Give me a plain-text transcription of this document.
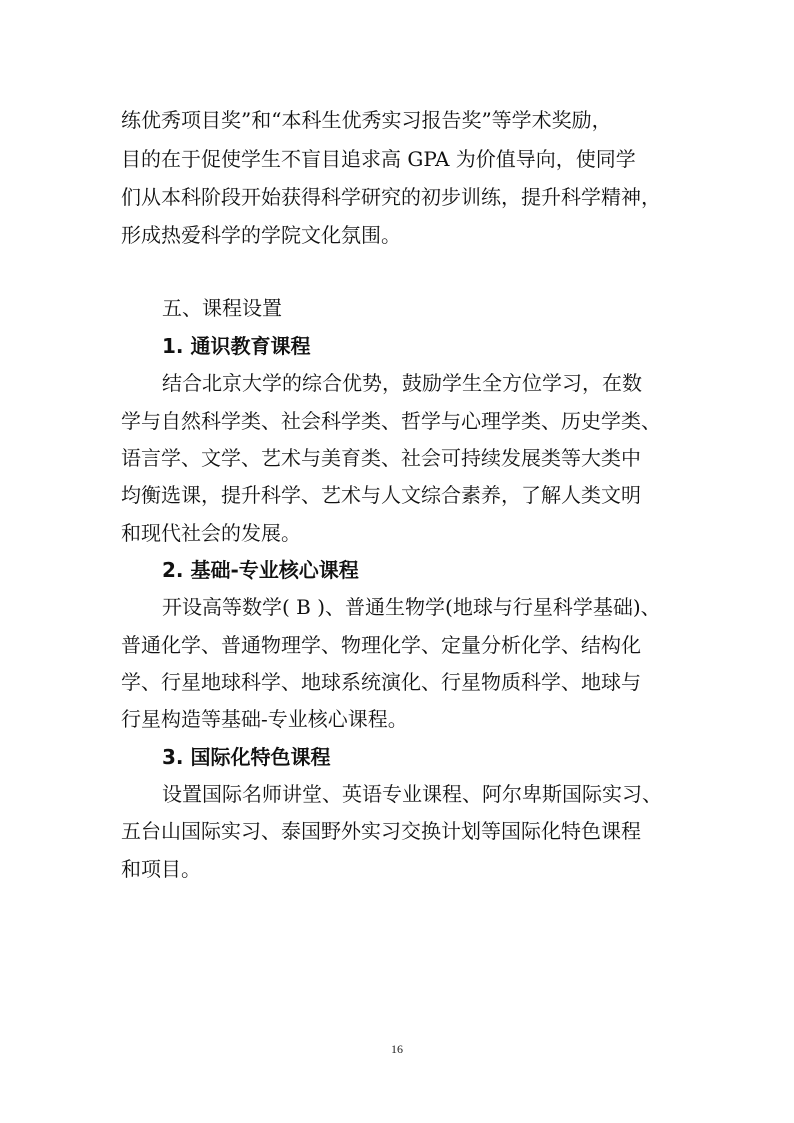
练优秀项目奖”和“本科生优秀实习报告奖”等学术奖励，
目的在于促使学生不盲目追求高 GPA 为价值导向，使同学
们从本科阶段开始获得科学研究的初步训练，提升科学精神，
形成热爱科学的学院文化氛围。
五、课程设置
1. 通识教育课程
结合北京大学的综合优势，鼓励学生全方位学习，在数
学与自然科学类、社会科学类、哲学与心理学类、历史学类、
语言学、文学、艺术与美育类、社会可持续发展类等大类中
均衡选课，提升科学、艺术与人文综合素养，了解人类文明
和现代社会的发展。
2. 基础-专业核心课程
开设高等数学( B )、普通生物学(地球与行星科学基础)、
普通化学、普通物理学、物理化学、定量分析化学、结构化
学、行星地球科学、地球系统演化、行星物质科学、地球与
行星构造等基础-专业核心课程。
3. 国际化特色课程
设置国际名师讲堂、英语专业课程、阿尔卑斯国际实习、
五台山国际实习、泰国野外实习交换计划等国际化特色课程
和项目。
16
